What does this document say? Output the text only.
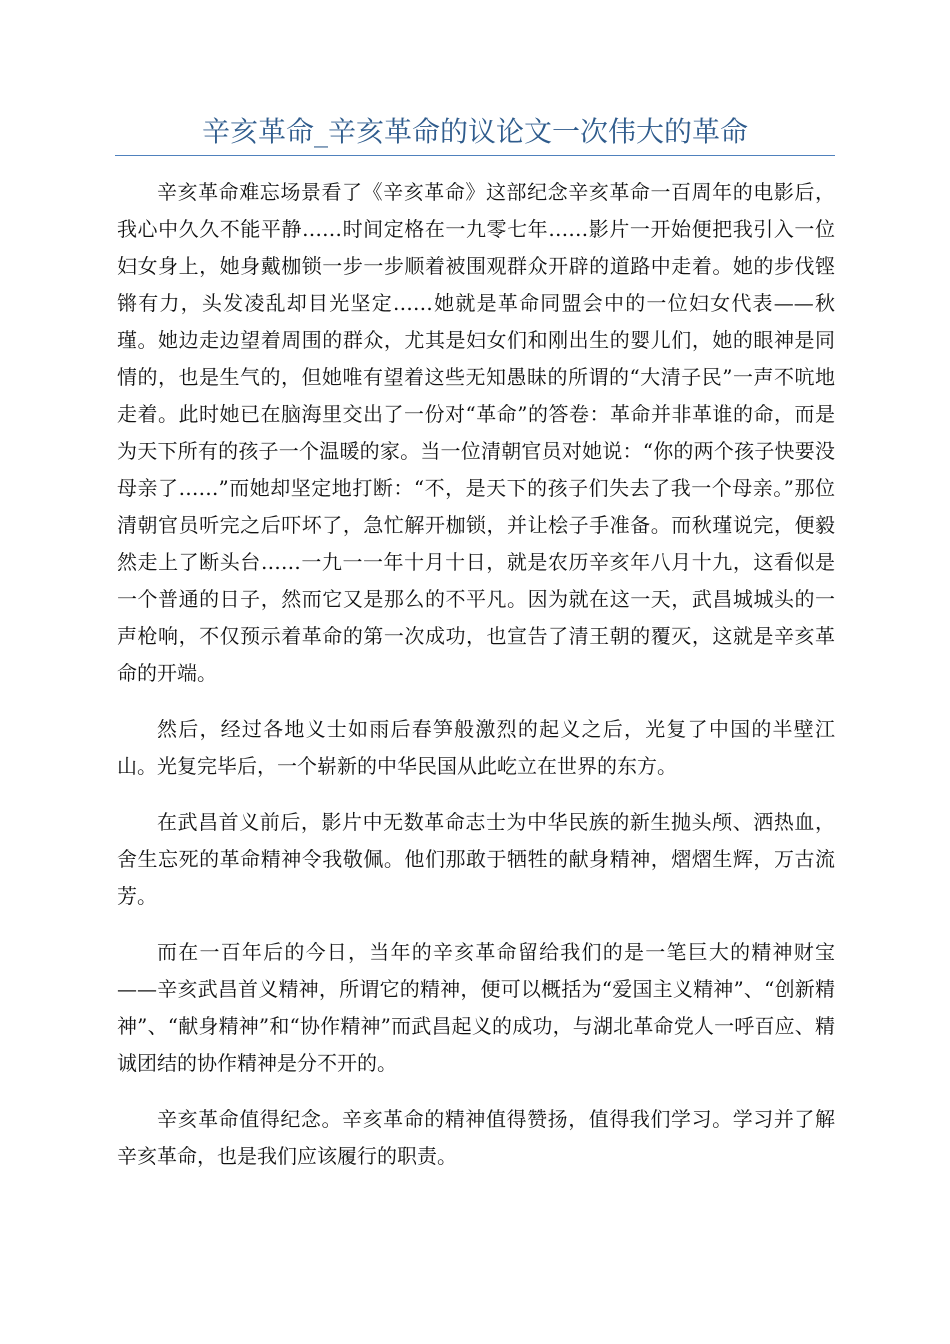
辛亥革命_辛亥革命的议论文一次伟大的革命

辛亥革命难忘场景看了《辛亥革命》这部纪念辛亥革命一百周年的电影后，我心中久久不能平静……时间定格在一九零七年……影片一开始便把我引入一位妇女身上，她身戴枷锁一步一步顺着被围观群众开辟的道路中走着。她的步伐铿锵有力，头发凌乱却目光坚定……她就是革命同盟会中的一位妇女代表——秋瑾。她边走边望着周围的群众，尤其是妇女们和刚出生的婴儿们，她的眼神是同情的，也是生气的，但她唯有望着这些无知愚昧的所谓的“大清子民”一声不吭地走着。此时她已在脑海里交出了一份对“革命”的答卷：革命并非革谁的命，而是为天下所有的孩子一个温暖的家。当一位清朝官员对她说：“你的两个孩子快要没母亲了……”而她却坚定地打断：“不，是天下的孩子们失去了我一个母亲。”那位清朝官员听完之后吓坏了，急忙解开枷锁，并让桧子手准备。而秋瑾说完，便毅然走上了断头台……一九一一年十月十日，就是农历辛亥年八月十九，这看似是一个普通的日子，然而它又是那么的不平凡。因为就在这一天，武昌城城头的一声枪响，不仅预示着革命的第一次成功，也宣告了清王朝的覆灭，这就是辛亥革命的开端。

然后，经过各地义士如雨后春笋般激烈的起义之后，光复了中国的半壁江山。光复完毕后，一个崭新的中华民国从此屹立在世界的东方。

在武昌首义前后，影片中无数革命志士为中华民族的新生抛头颅、洒热血，舍生忘死的革命精神令我敬佩。他们那敢于牺牲的献身精神，熠熠生辉，万古流芳。

而在一百年后的今日，当年的辛亥革命留给我们的是一笔巨大的精神财宝——辛亥武昌首义精神，所谓它的精神，便可以概括为“爱国主义精神”、“创新精神”、“献身精神”和“协作精神”而武昌起义的成功，与湖北革命党人一呼百应、精诚团结的协作精神是分不开的。

辛亥革命值得纪念。辛亥革命的精神值得赞扬，值得我们学习。学习并了解辛亥革命，也是我们应该履行的职责。
